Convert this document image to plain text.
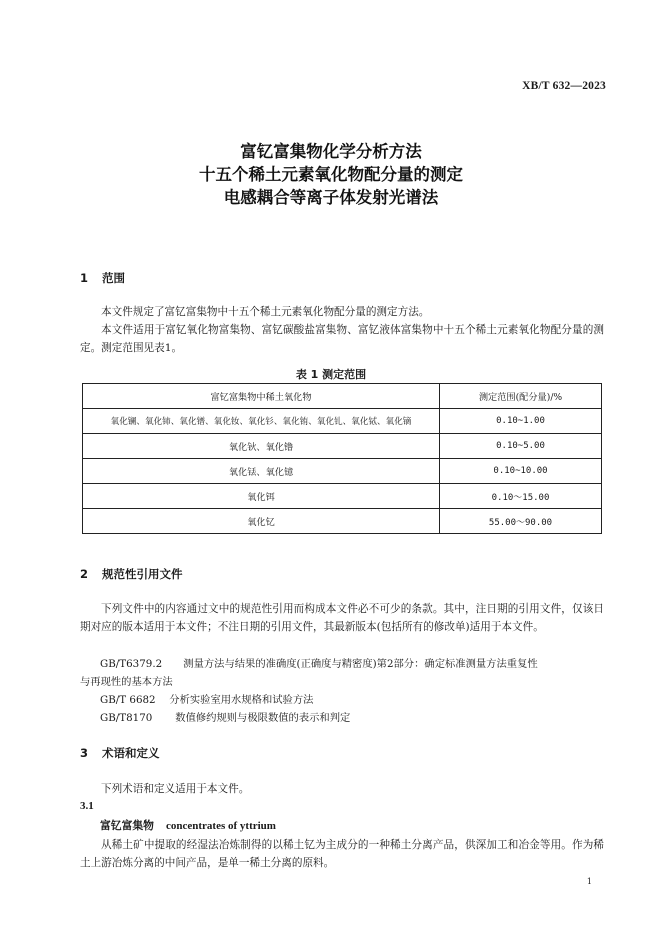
XB/T 632—2023
富钇富集物化学分析方法
十五个稀土元素氧化物配分量的测定
电感耦合等离子体发射光谱法
1 范围
本文件规定了富钇富集物中十五个稀土元素氧化物配分量的测定方法。
本文件适用于富钇氧化物富集物、富钇碳酸盐富集物、富钇液体富集物中十五个稀土元素氧化物配分量的测定。测定范围见表1。
表 1 测定范围
富钇富集物中稀土氧化物	测定范围(配分量)/%
氧化镧、氧化铈、氧化镨、氧化钕、氧化钐、氧化铕、氧化钆、氧化铽、氧化镝	0.10~1.00
氧化钬、氧化镥	0.10~5.00
氧化铥、氧化镱	0.10~10.00
氧化铒	0.10～15.00
氧化钇	55.00～90.00
2 规范性引用文件
下列文件中的内容通过文中的规范性引用而构成本文件必不可少的条款。其中，注日期的引用文件，仅该日期对应的版本适用于本文件；不注日期的引用文件，其最新版本(包括所有的修改单)适用于本文件。
GB/T6379.2 测量方法与结果的准确度(正确度与精密度)第2部分：确定标准测量方法重复性
与再现性的基本方法
GB/T 6682 分析实验室用水规格和试验方法
GB/T8170 数值修约规则与极限数值的表示和判定
3 术语和定义
下列术语和定义适用于本文件。
3.1
富钇富集物 concentrates of yttrium
从稀土矿中提取的经湿法冶炼制得的以稀土钇为主成分的一种稀土分离产品，供深加工和冶金等用。作为稀土上游冶炼分离的中间产品，是单一稀土分离的原料。
1
